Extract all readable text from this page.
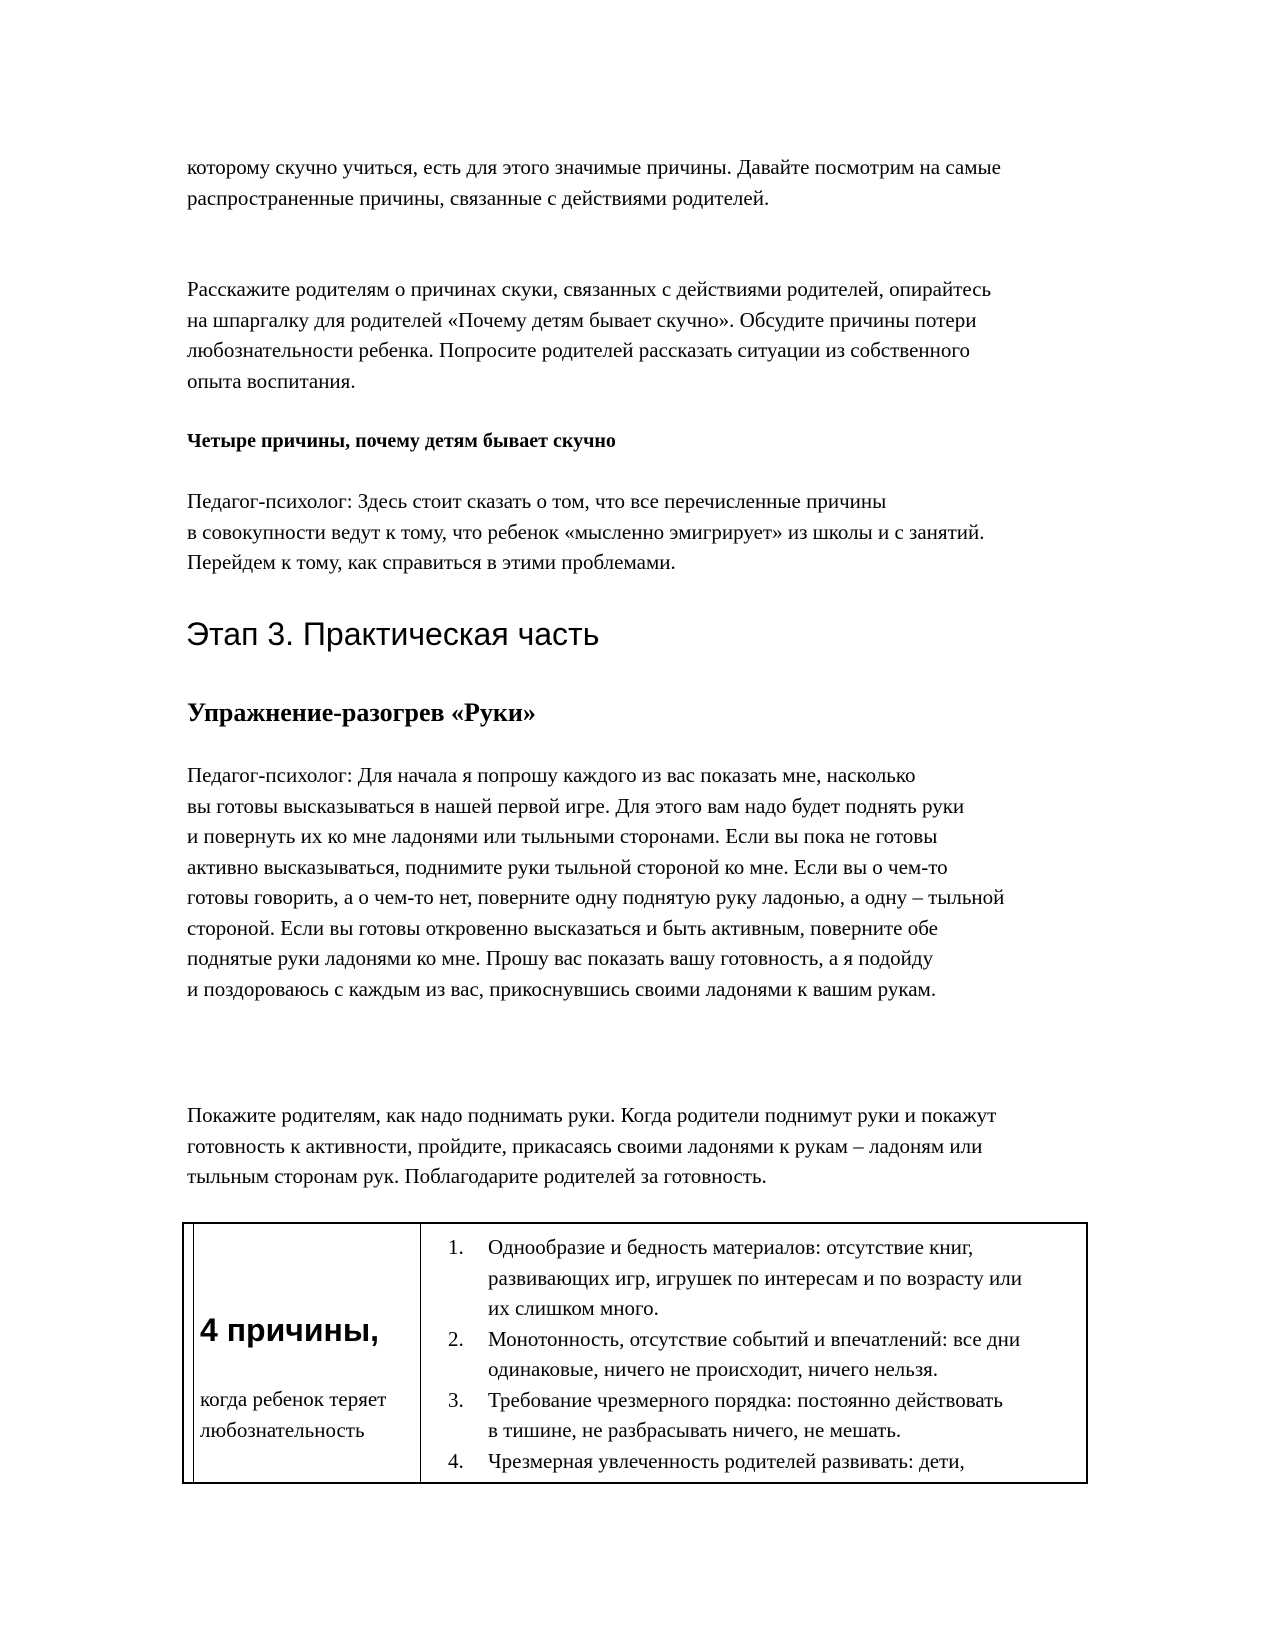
которому скучно учиться, есть для этого значимые причины. Давайте посмотрим на самые
распространенные причины, связанные с действиями родителей.

Расскажите родителям о причинах скуки, связанных с действиями родителей, опирайтесь
на шпаргалку для родителей «Почему детям бывает скучно». Обсудите причины потери
любознательности ребенка. Попросите родителей рассказать ситуации из собственного
опыта воспитания.

Четыре причины, почему детям бывает скучно

Педагог-психолог: Здесь стоит сказать о том, что все перечисленные причины
в совокупности ведут к тому, что ребенок «мысленно эмигрирует» из школы и с занятий.
Перейдем к тому, как справиться в этими проблемами.

Этап 3. Практическая часть
Упражнение-разогрев «Руки»

Педагог-психолог: Для начала я попрошу каждого из вас показать мне, насколько
вы готовы высказываться в нашей первой игре. Для этого вам надо будет поднять руки
и повернуть их ко мне ладонями или тыльными сторонами. Если вы пока не готовы
активно высказываться, поднимите руки тыльной стороной ко мне. Если вы о чем-то
готовы говорить, а о чем-то нет, поверните одну поднятую руку ладонью, а одну – тыльной
стороной. Если вы готовы откровенно высказаться и быть активным, поверните обе
поднятые руки ладонями ко мне. Прошу вас показать вашу готовность, а я подойду
и поздороваюсь с каждым из вас, прикоснувшись своими ладонями к вашим рукам.

Покажите родителям, как надо поднимать руки. Когда родители поднимут руки и покажут
готовность к активности, пройдите, прикасаясь своими ладонями к рукам – ладоням или
тыльным сторонам рук. Поблагодарите родителей за готовность.

4 причины,
когда ребенок теряет
любознательность
1. Однообразие и бедность материалов: отсутствие книг,
развивающих игр, игрушек по интересам и по возрасту или
их слишком много.
2. Монотонность, отсутствие событий и впечатлений: все дни
одинаковые, ничего не происходит, ничего нельзя.
3. Требование чрезмерного порядка: постоянно действовать
в тишине, не разбрасывать ничего, не мешать.
4. Чрезмерная увлеченность родителей развивать: дети,
